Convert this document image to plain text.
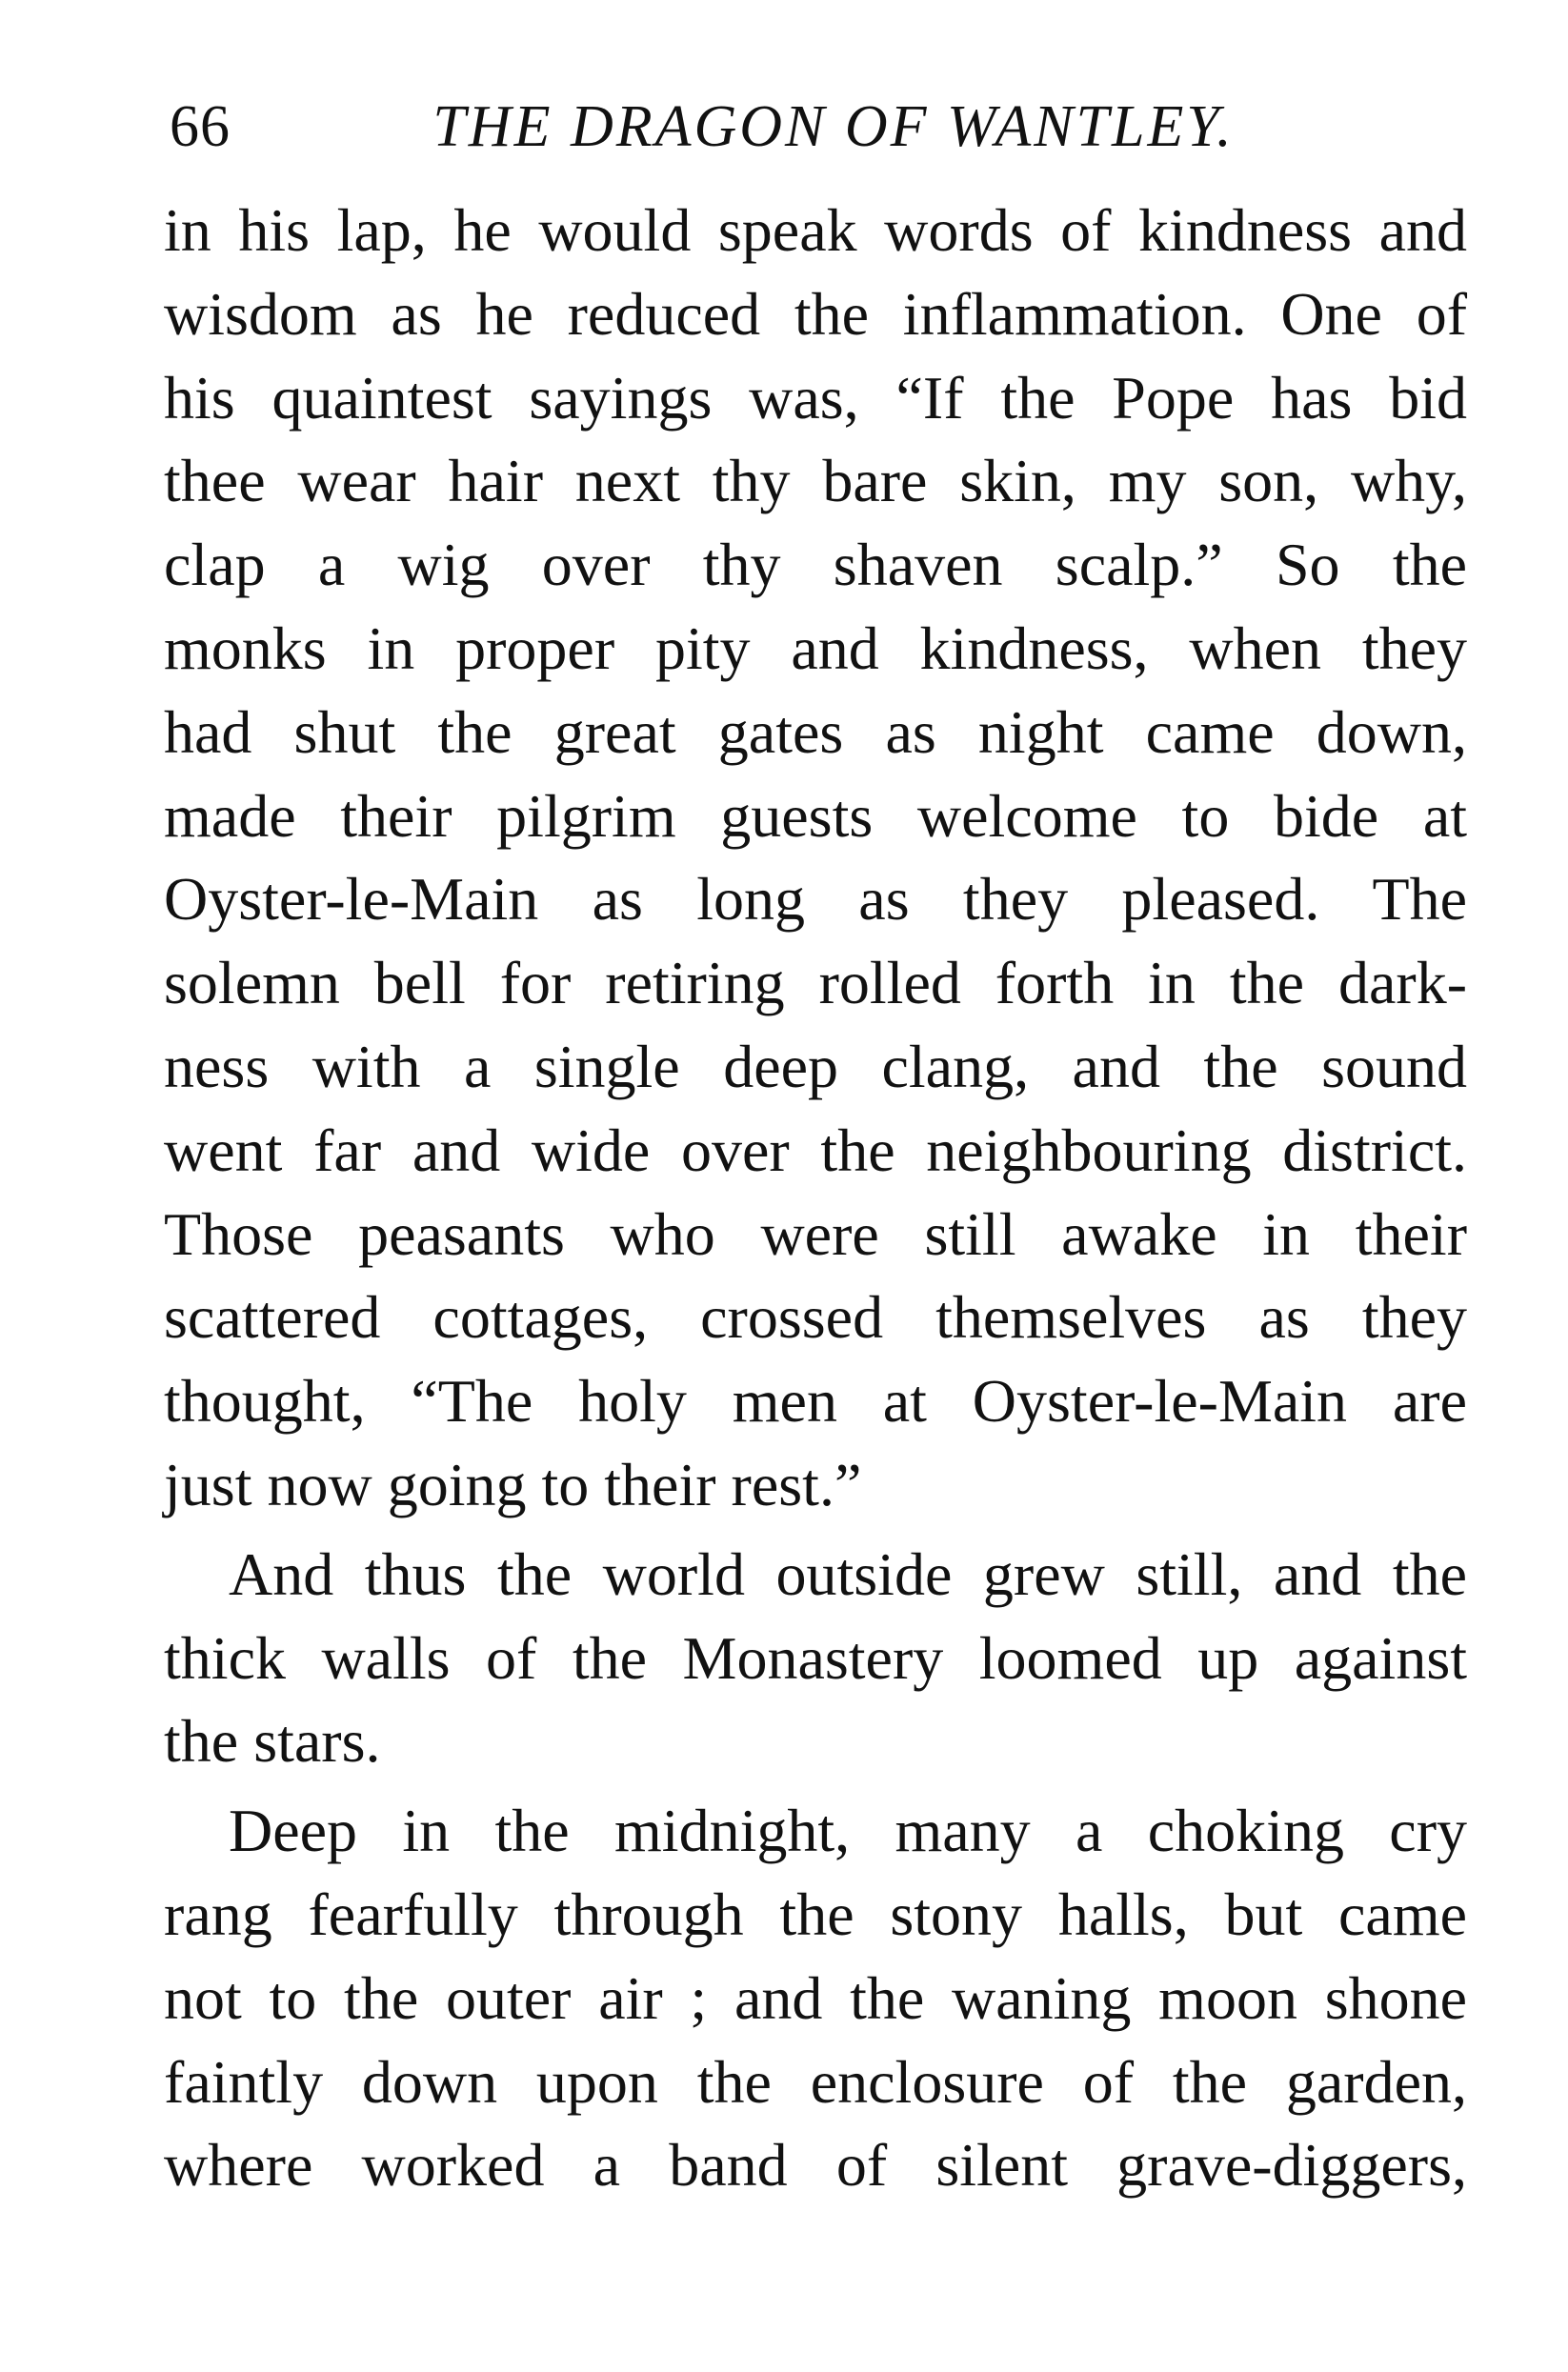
66	THE DRAGON OF WANTLEY.
in his lap, he would speak words of kindness and
wisdom as he reduced the inflammation. One of
his quaintest sayings was, “If the Pope has bid
thee wear hair next thy bare skin, my son, why,
clap a wig over thy shaven scalp.” So the
monks in proper pity and kindness, when they
had shut the great gates as night came down,
made their pilgrim guests welcome to bide at
Oyster-le-Main as long as they pleased. The
solemn bell for retiring rolled forth in the dark-
ness with a single deep clang, and the sound
went far and wide over the neighbouring district.
Those peasants who were still awake in their
scattered cottages, crossed themselves as they
thought, “The holy men at Oyster-le-Main are
just now going to their rest.”
And thus the world outside grew still, and the
thick walls of the Monastery loomed up against
the stars.
Deep in the midnight, many a choking cry
rang fearfully through the stony halls, but came
not to the outer air ; and the waning moon shone
faintly down upon the enclosure of the garden,
where worked a band of silent grave-diggers,
